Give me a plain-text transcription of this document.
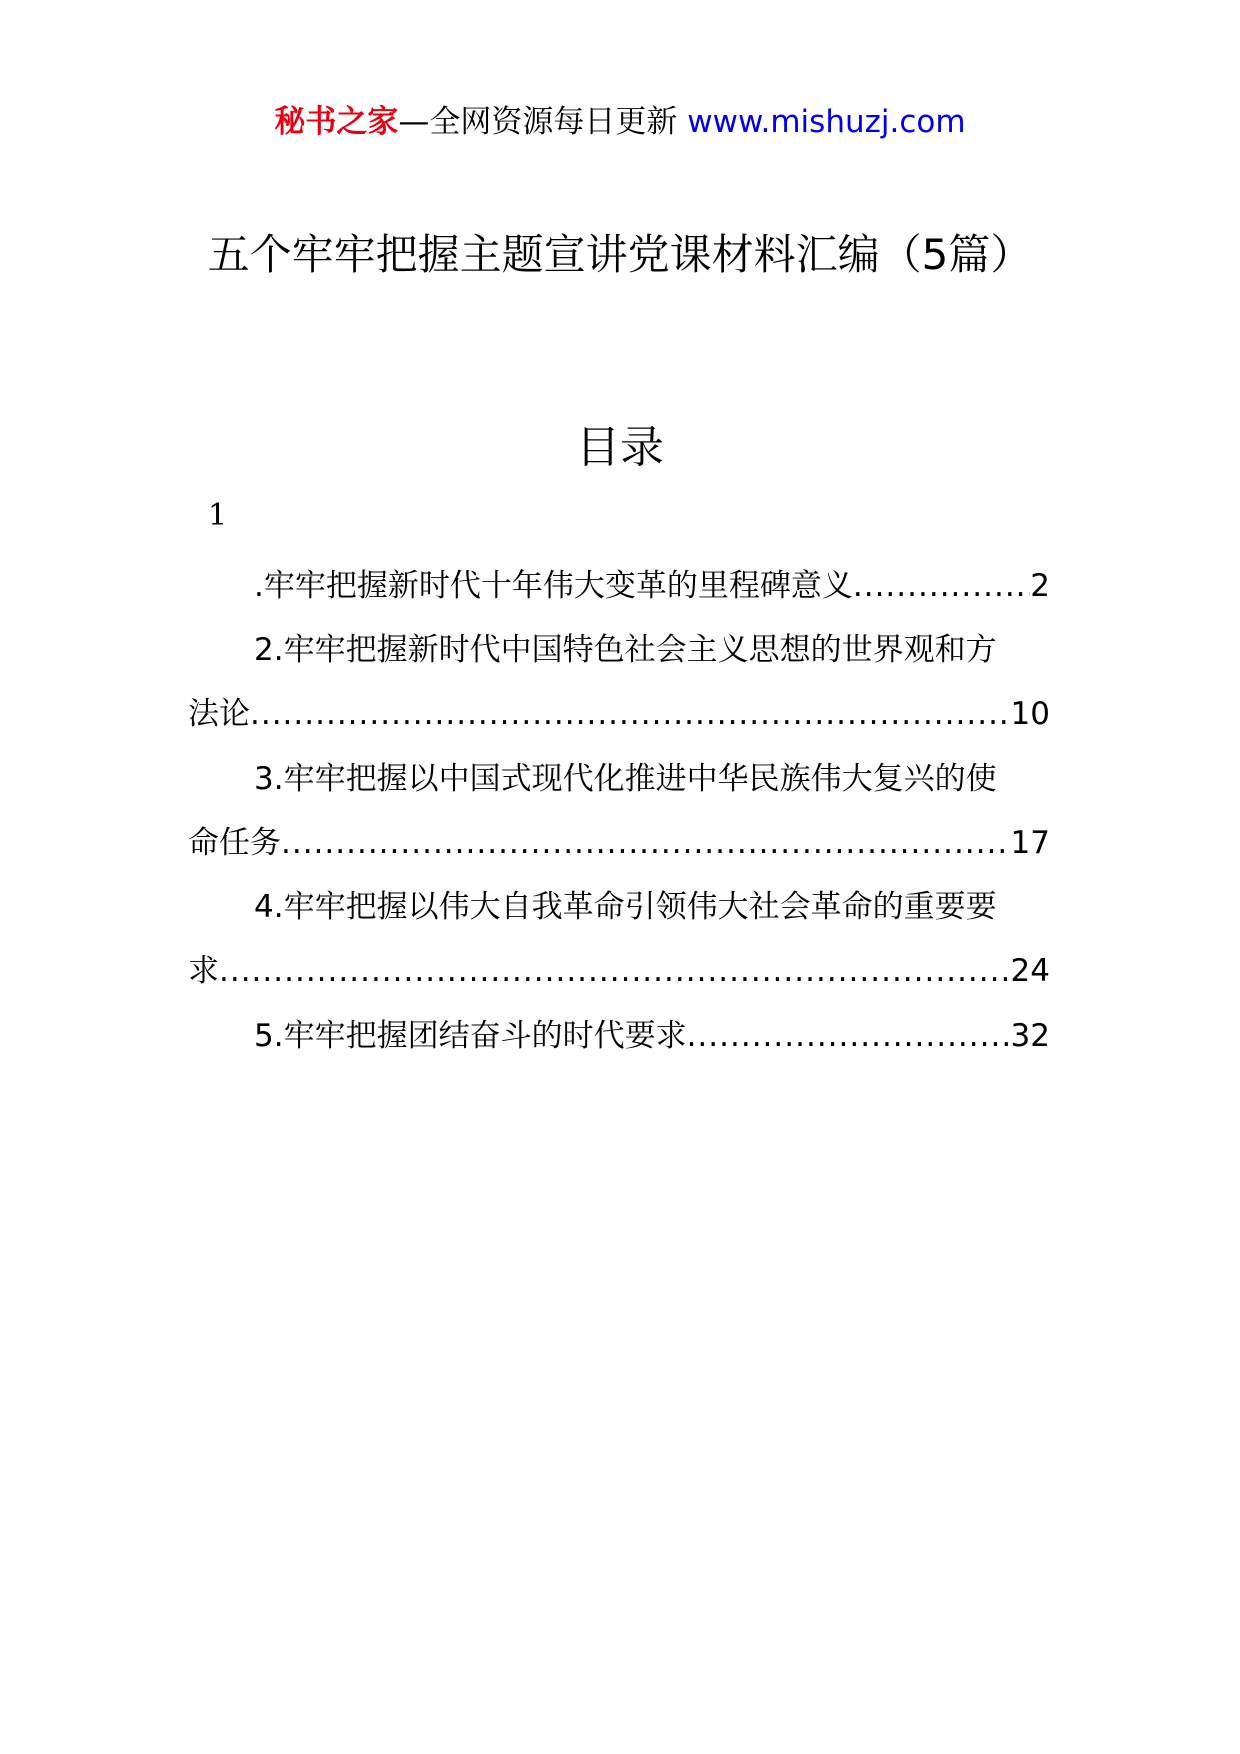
秘书之家—全网资源每日更新 www.mishuzj.com
五个牢牢把握主题宣讲党课材料汇编（5篇）
目录
1
.牢牢把握新时代十年伟大变革的里程碑意义 .....	2
2.牢牢把握新时代中国特色社会主义思想的世界观和方
法论 .....	10
3.牢牢把握以中国式现代化推进中华民族伟大复兴的使
命任务 .....	17
4.牢牢把握以伟大自我革命引领伟大社会革命的重要要
求 .....	24
5.牢牢把握团结奋斗的时代要求 .....	32
